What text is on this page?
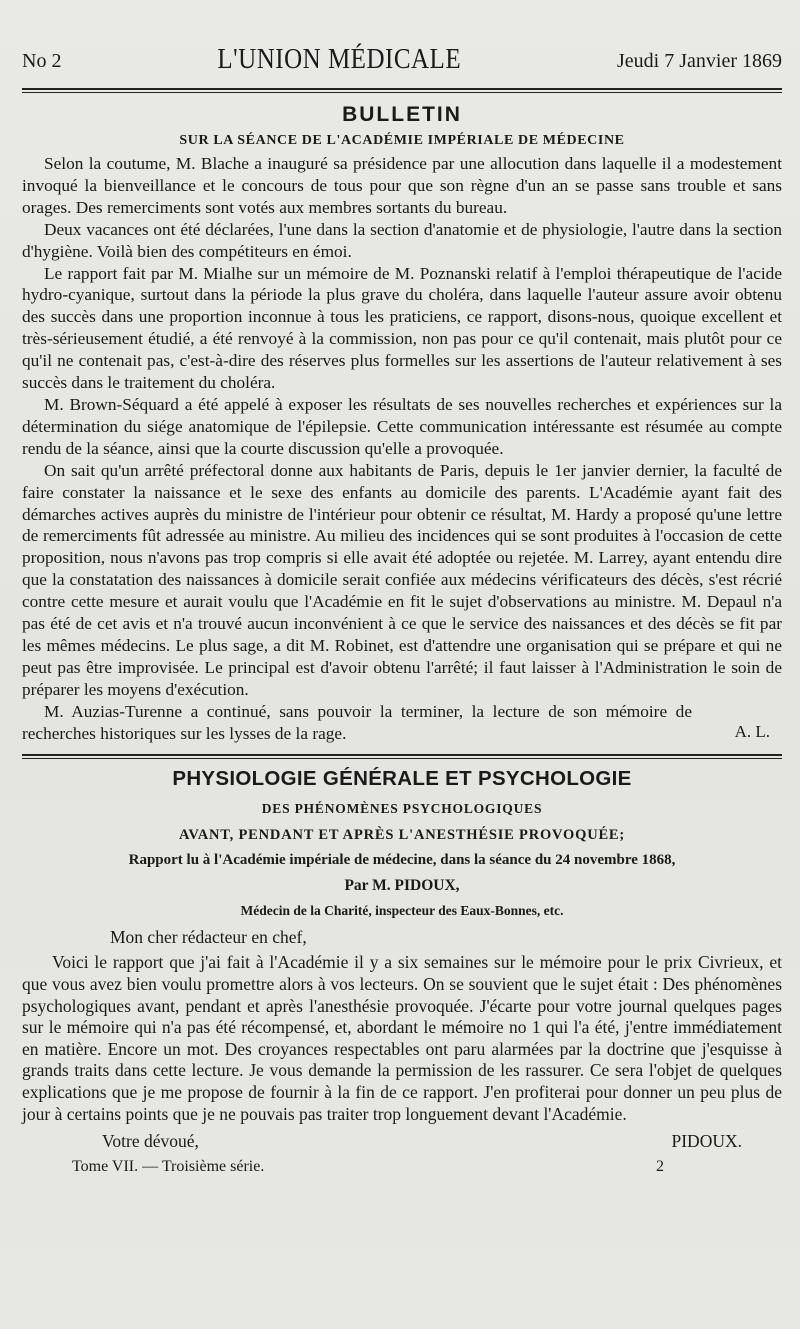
No 2	L'UNION MÉDICALE	Jeudi 7 Janvier 1869
BULLETIN
SUR LA SÉANCE DE L'ACADÉMIE IMPÉRIALE DE MÉDECINE

Selon la coutume, M. Blache a inauguré sa présidence par une allocution dans laquelle il a modestement invoqué la bienveillance et le concours de tous pour que son règne d'un an se passe sans trouble et sans orages. Des remerciments sont votés aux membres sortants du bureau.

Deux vacances ont été déclarées, l'une dans la section d'anatomie et de physiologie, l'autre dans la section d'hygiène. Voilà bien des compétiteurs en émoi.

Le rapport fait par M. Mialhe sur un mémoire de M. Poznanski relatif à l'emploi thérapeutique de l'acide hydro-cyanique, surtout dans la période la plus grave du choléra, dans laquelle l'auteur assure avoir obtenu des succès dans une proportion inconnue à tous les praticiens, ce rapport, disons-nous, quoique excellent et très-sérieusement étudié, a été renvoyé à la commission, non pas pour ce qu'il contenait, mais plutôt pour ce qu'il ne contenait pas, c'est-à-dire des réserves plus formelles sur les assertions de l'auteur relativement à ses succès dans le traitement du choléra.

M. Brown-Séquard a été appelé à exposer les résultats de ses nouvelles recherches et expériences sur la détermination du siége anatomique de l'épilepsie. Cette communication intéressante est résumée au compte rendu de la séance, ainsi que la courte discussion qu'elle a provoquée.

On sait qu'un arrêté préfectoral donne aux habitants de Paris, depuis le 1er janvier dernier, la faculté de faire constater la naissance et le sexe des enfants au domicile des parents. L'Académie ayant fait des démarches actives auprès du ministre de l'intérieur pour obtenir ce résultat, M. Hardy a proposé qu'une lettre de remerciments fût adressée au ministre. Au milieu des incidences qui se sont produites à l'occasion de cette proposition, nous n'avons pas trop compris si elle avait été adoptée ou rejetée. M. Larrey, ayant entendu dire que la constatation des naissances à domicile serait confiée aux médecins vérificateurs des décès, s'est récrié contre cette mesure et aurait voulu que l'Académie en fit le sujet d'observations au ministre. M. Depaul n'a pas été de cet avis et n'a trouvé aucun inconvénient à ce que le service des naissances et des décès se fit par les mêmes médecins. Le plus sage, a dit M. Robinet, est d'attendre une organisation qui se prépare et qui ne peut pas être improvisée. Le principal est d'avoir obtenu l'arrêté; il faut laisser à l'Administration le soin de préparer les moyens d'exécution.

M. Auzias-Turenne a continué, sans pouvoir la terminer, la lecture de son mémoire de recherches historiques sur les lysses de la rage.	A. L.
PHYSIOLOGIE GÉNÉRALE ET PSYCHOLOGIE
DES PHÉNOMÈNES PSYCHOLOGIQUES
AVANT, PENDANT ET APRÈS L'ANESTHÉSIE PROVOQUÉE;
Rapport lu à l'Académie impériale de médecine, dans la séance du 24 novembre 1868,
Par M. PIDOUX,
Médecin de la Charité, inspecteur des Eaux-Bonnes, etc.
Mon cher rédacteur en chef,

Voici le rapport que j'ai fait à l'Académie il y a six semaines sur le mémoire pour le prix Civrieux, et que vous avez bien voulu promettre alors à vos lecteurs. On se souvient que le sujet était : Des phénomènes psychologiques avant, pendant et après l'anesthésie provoquée. J'écarte pour votre journal quelques pages sur le mémoire qui n'a pas été récompensé, et, abordant le mémoire no 1 qui l'a été, j'entre immédiatement en matière. Encore un mot. Des croyances respectables ont paru alarmées par la doctrine que j'esquisse à grands traits dans cette lecture. Je vous demande la permission de les rassurer. Ce sera l'objet de quelques explications que je me propose de fournir à la fin de ce rapport. J'en profiterai pour donner un peu plus de jour à certains points que je ne pouvais pas traiter trop longuement devant l'Académie.

Votre dévoué,	PIDOUX.
Tome VII. — Troisième série.	2
